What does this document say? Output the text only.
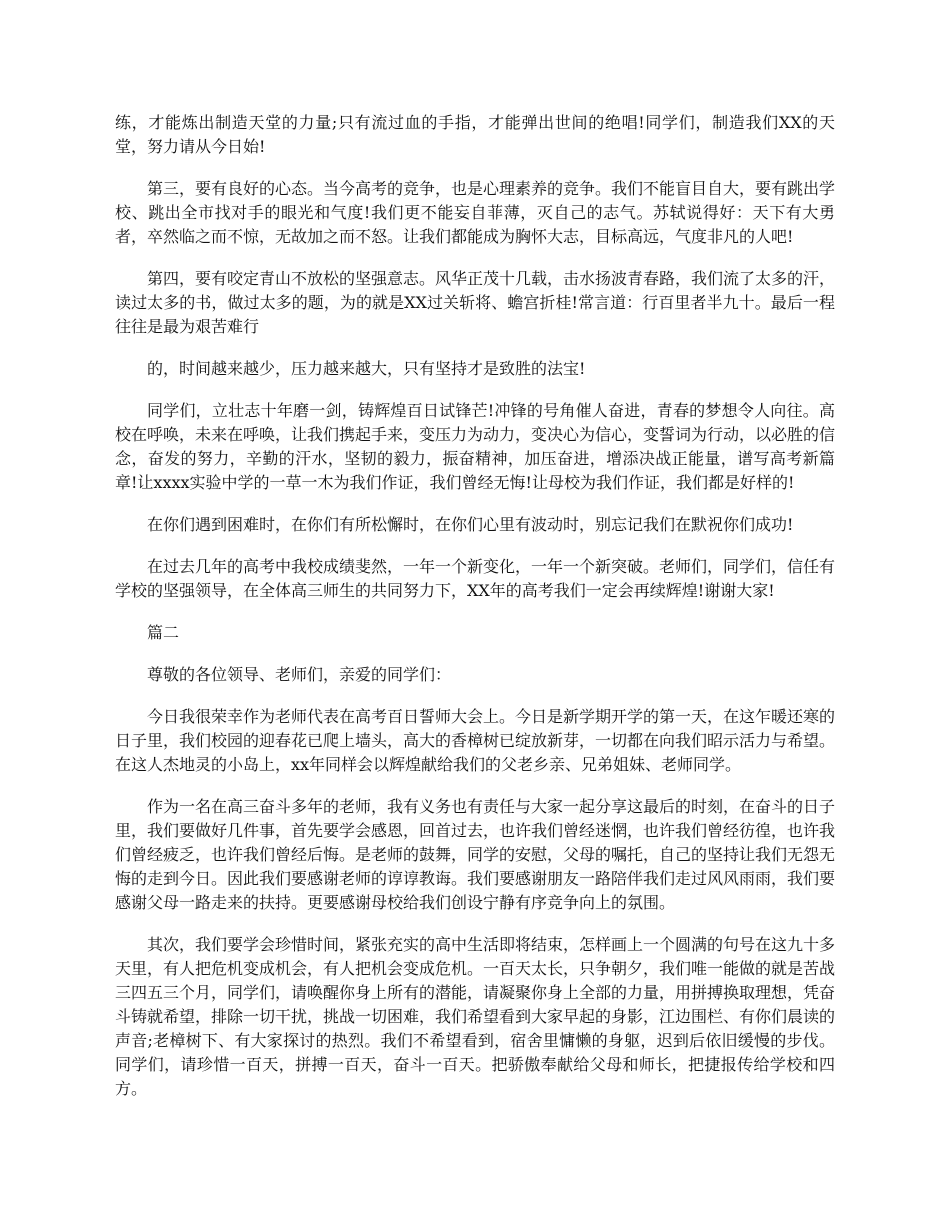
练，才能炼出制造天堂的力量;只有流过血的手指，才能弹出世间的绝唱!同学们，制造我们XX的天堂，努力请从今日始!

第三，要有良好的心态。当今高考的竞争，也是心理素养的竞争。我们不能盲目自大，要有跳出学校、跳出全市找对手的眼光和气度!我们更不能妄自菲薄，灭自己的志气。苏轼说得好：天下有大勇者，卒然临之而不惊，无故加之而不怒。让我们都能成为胸怀大志，目标高远，气度非凡的人吧!

第四，要有咬定青山不放松的坚强意志。风华正茂十几载，击水扬波青春路，我们流了太多的汗，读过太多的书，做过太多的题，为的就是XX过关斩将、蟾宫折桂!常言道：行百里者半九十。最后一程往往是最为艰苦难行

的，时间越来越少，压力越来越大，只有坚持才是致胜的法宝!

同学们，立壮志十年磨一剑，铸辉煌百日试锋芒!冲锋的号角催人奋进，青春的梦想令人向往。高校在呼唤，未来在呼唤，让我们携起手来，变压力为动力，变决心为信心，变誓词为行动，以必胜的信念，奋发的努力，辛勤的汗水，坚韧的毅力，振奋精神，加压奋进，增添决战正能量，谱写高考新篇章!让xxxx实验中学的一草一木为我们作证，我们曾经无悔!让母校为我们作证，我们都是好样的!

在你们遇到困难时，在你们有所松懈时，在你们心里有波动时，别忘记我们在默祝你们成功!

在过去几年的高考中我校成绩斐然，一年一个新变化，一年一个新突破。老师们，同学们，信任有学校的坚强领导，在全体高三师生的共同努力下，XX年的高考我们一定会再续辉煌!谢谢大家!

篇二

尊敬的各位领导、老师们，亲爱的同学们：

今日我很荣幸作为老师代表在高考百日誓师大会上。今日是新学期开学的第一天，在这乍暖还寒的日子里，我们校园的迎春花已爬上墙头，高大的香樟树已绽放新芽，一切都在向我们昭示活力与希望。在这人杰地灵的小岛上，xx年同样会以辉煌献给我们的父老乡亲、兄弟姐妹、老师同学。

作为一名在高三奋斗多年的老师，我有义务也有责任与大家一起分享这最后的时刻，在奋斗的日子里，我们要做好几件事，首先要学会感恩，回首过去，也许我们曾经迷惘，也许我们曾经彷徨，也许我们曾经疲乏，也许我们曾经后悔。是老师的鼓舞，同学的安慰，父母的嘱托，自己的坚持让我们无怨无悔的走到今日。因此我们要感谢老师的谆谆教诲。我们要感谢朋友一路陪伴我们走过风风雨雨，我们要感谢父母一路走来的扶持。更要感谢母校给我们创设宁静有序竞争向上的氛围。

其次，我们要学会珍惜时间，紧张充实的高中生活即将结束，怎样画上一个圆满的句号在这九十多天里，有人把危机变成机会，有人把机会变成危机。一百天太长，只争朝夕，我们唯一能做的就是苦战三四五三个月，同学们，请唤醒你身上所有的潜能，请凝聚你身上全部的力量，用拼搏换取理想，凭奋斗铸就希望，排除一切干扰，挑战一切困难，我们希望看到大家早起的身影，江边围栏、有你们晨读的声音;老樟树下、有大家探讨的热烈。我们不希望看到，宿舍里慵懒的身躯，迟到后依旧缓慢的步伐。同学们，请珍惜一百天，拼搏一百天，奋斗一百天。把骄傲奉献给父母和师长，把捷报传给学校和四方。
